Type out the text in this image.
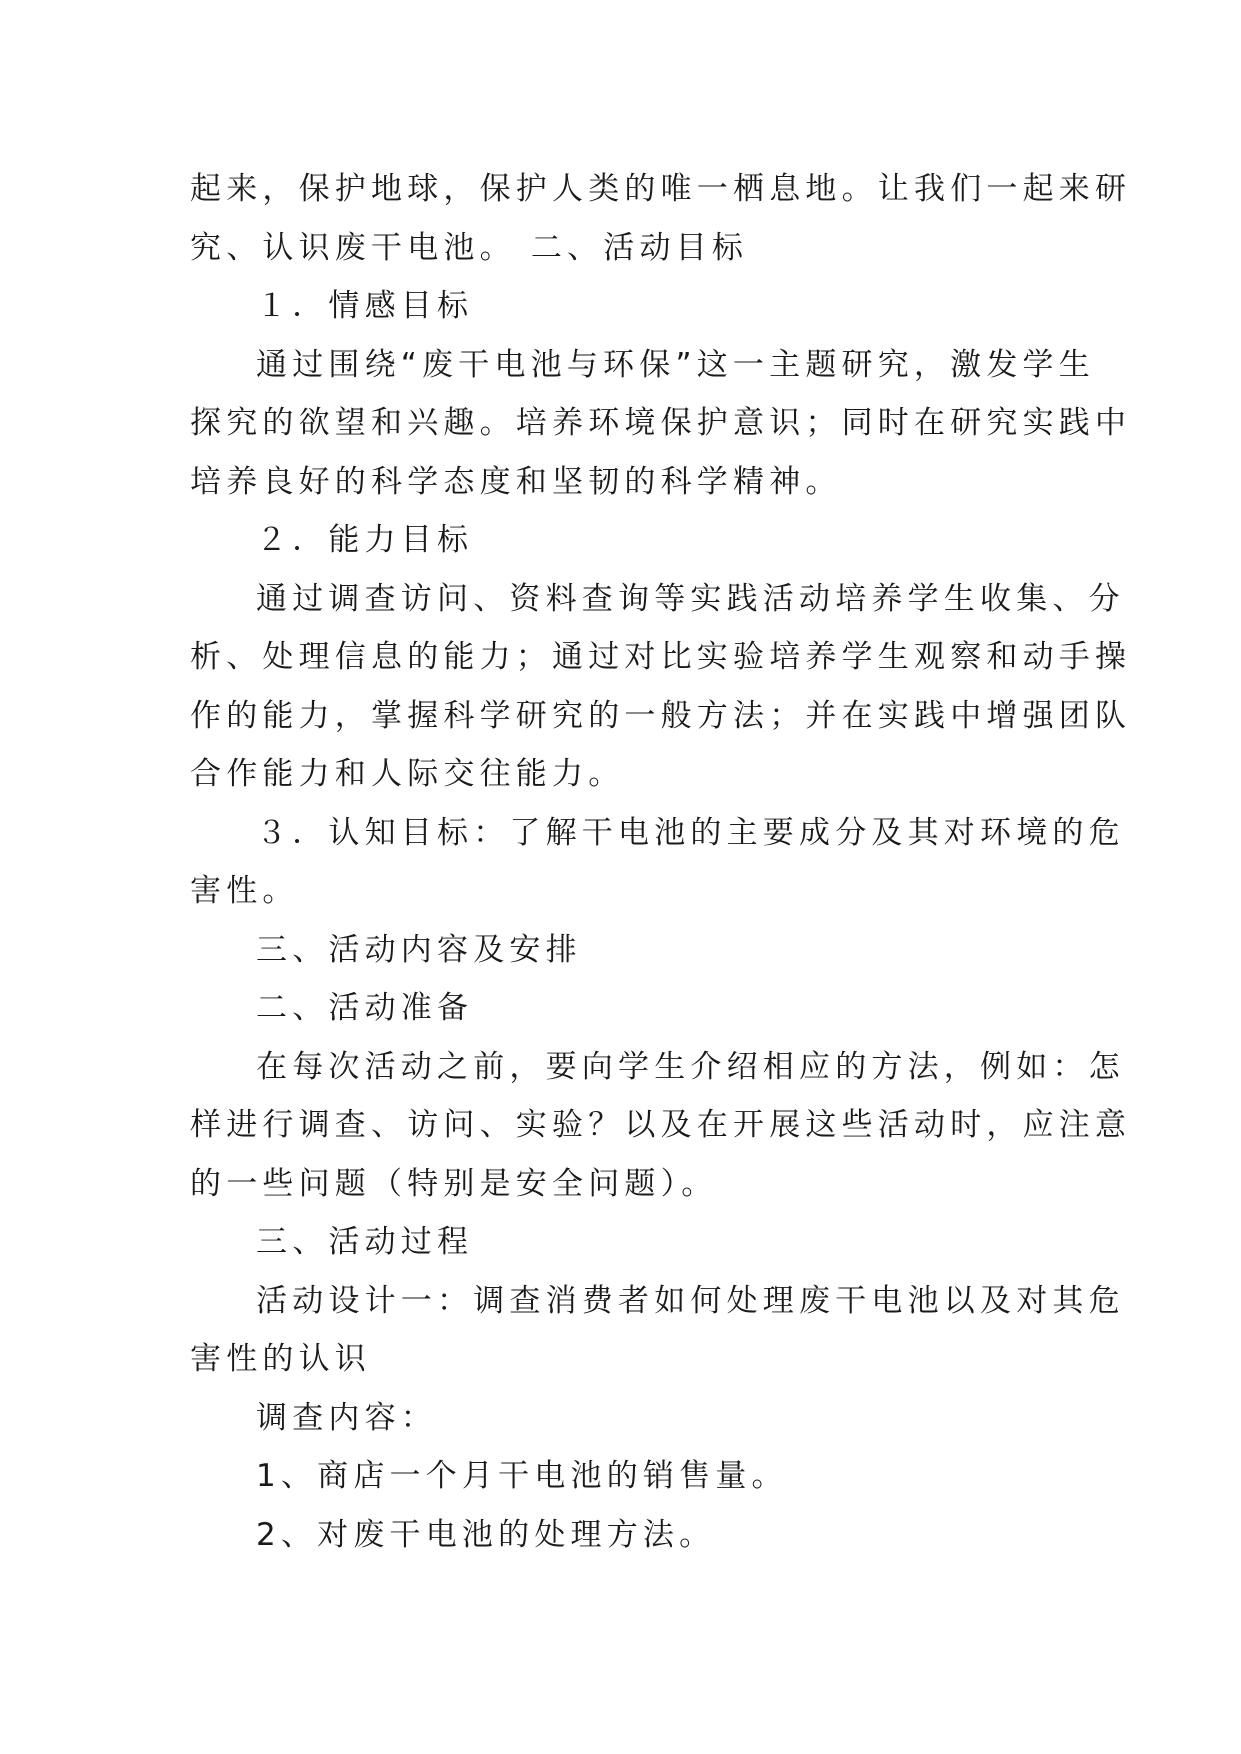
起来，保护地球，保护人类的唯一栖息地。让我们一起来研
究、认识废干电池。 二、活动目标
１．情感目标
通过围绕“废干电池与环保”这一主题研究，激发学生
探究的欲望和兴趣。培养环境保护意识；同时在研究实践中
培养良好的科学态度和坚韧的科学精神。
２．能力目标
通过调查访问、资料查询等实践活动培养学生收集、分
析、处理信息的能力；通过对比实验培养学生观察和动手操
作的能力，掌握科学研究的一般方法；并在实践中增强团队
合作能力和人际交往能力。
３．认知目标：了解干电池的主要成分及其对环境的危
害性。
三、活动内容及安排
二、活动准备
在每次活动之前，要向学生介绍相应的方法，例如：怎
样进行调查、访问、实验？以及在开展这些活动时，应注意
的一些问题（特别是安全问题）。
三、活动过程
活动设计一：调查消费者如何处理废干电池以及对其危
害性的认识
调查内容：
1、商店一个月干电池的销售量。
2、对废干电池的处理方法。
